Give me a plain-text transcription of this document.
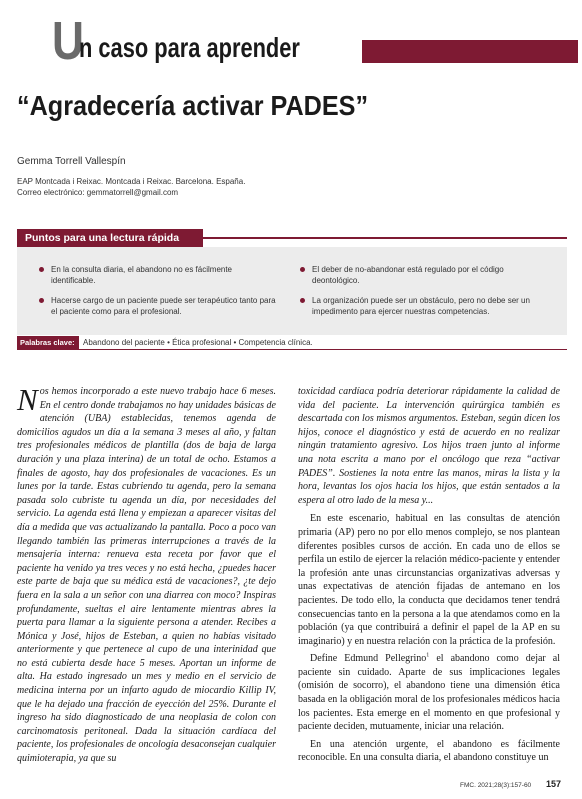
U
n caso para aprender
“Agradecería activar PADES”
Gemma Torrell Vallespín
EAP Montcada i Reixac. Montcada i Reixac. Barcelona. España.
Correo electrónico: gemmatorrell@gmail.com
Puntos para una lectura rápida
En la consulta diaria, el abandono no es fácilmente identificable.
Hacerse cargo de un paciente puede ser terapéutico tanto para el paciente como para el profesional.
El deber de no-abandonar está regulado por el código deontológico.
La organización puede ser un obstáculo, pero no debe ser un impedimento para ejercer nuestras competencias.
Palabras clave:	Abandono del paciente • Ética profesional • Competencia clínica.

Nos hemos incorporado a este nuevo trabajo hace 6 meses. En el centro donde trabajamos no hay unidades básicas de atención (UBA) establecidas, tenemos agenda de domicilios agudos un día a la semana 3 meses al año, y faltan tres profesionales médicos de plantilla (dos de baja de larga duración y una plaza interina) de un total de ocho. Estamos a finales de agosto, hay dos profesionales de vacaciones. Es un lunes por la tarde. Estas cubriendo tu agenda, pero la semana pasada solo cubriste tu agenda un día, por necesidades del servicio. La agenda está llena y empiezan a aparecer visitas del día a medida que vas actualizando la pantalla. Poco a poco van llegando también las primeras interrupciones a través de la mensajería interna: renueva esta receta por favor que el paciente ha venido ya tres veces y no está hecha, ¿puedes hacer este parte de baja que su médica está de vacaciones?, ¿te dejo fuera en la sala a un señor con una diarrea con moco? Inspiras profundamente, sueltas el aire lentamente mientras abres la puerta para llamar a la siguiente persona a atender. Recibes a Mónica y José, hijos de Esteban, a quien no habías visitado anteriormente y que pertenece al cupo de una interinidad que no está cubierta desde hace 5 meses. Aportan un informe de alta. Ha estado ingresado un mes y medio en el servicio de medicina interna por un infarto agudo de miocardio Killip IV, que le ha dejado una fracción de eyección del 25%. Durante el ingreso ha sido diagnosticado de una neoplasia de colon con carcinomatosis peritoneal. Dada la situación cardíaca del paciente, los profesionales de oncología desaconsejan cualquier quimioterapia, ya que su

toxicidad cardíaca podría deteriorar rápidamente la calidad de vida del paciente. La intervención quirúrgica también es descartada con los mismos argumentos. Esteban, según dicen los hijos, conoce el diagnóstico y está de acuerdo en no realizar ningún tratamiento agresivo. Los hijos traen junto al informe una nota escrita a mano por el oncólogo que reza “activar PADES”. Sostienes la nota entre las manos, miras la lista y la hora, levantas los ojos hacia los hijos, que están sentados a la espera al otro lado de la mesa y...

En este escenario, habitual en las consultas de atención primaria (AP) pero no por ello menos complejo, se nos plantean diferentes posibles cursos de acción. En cada uno de ellos se perfila un estilo de ejercer la relación médico-paciente y entender la profesión ante unas circunstancias organizativas adversas y unas expectativas de atención fijadas de antemano en los pacientes. De todo ello, la conducta que decidamos tener tendrá consecuencias tanto en la persona a la que atendamos como en la población (ya que contribuirá a definir el papel de la AP en su imaginario) y en nuestra relación con la práctica de la profesión.

Define Edmund Pellegrino$^1$ el abandono como dejar al paciente sin cuidado. Aparte de sus implicaciones legales (omisión de socorro), el abandono tiene una dimensión ética basada en la obligación moral de los profesionales médicos hacia los pacientes. Esta emerge en el momento en que profesional y paciente deciden, mutuamente, iniciar una relación.

En una atención urgente, el abandono es fácilmente reconocible. En una consulta diaria, el abandono constituye un

FMC. 2021;28(3):157-60 157
